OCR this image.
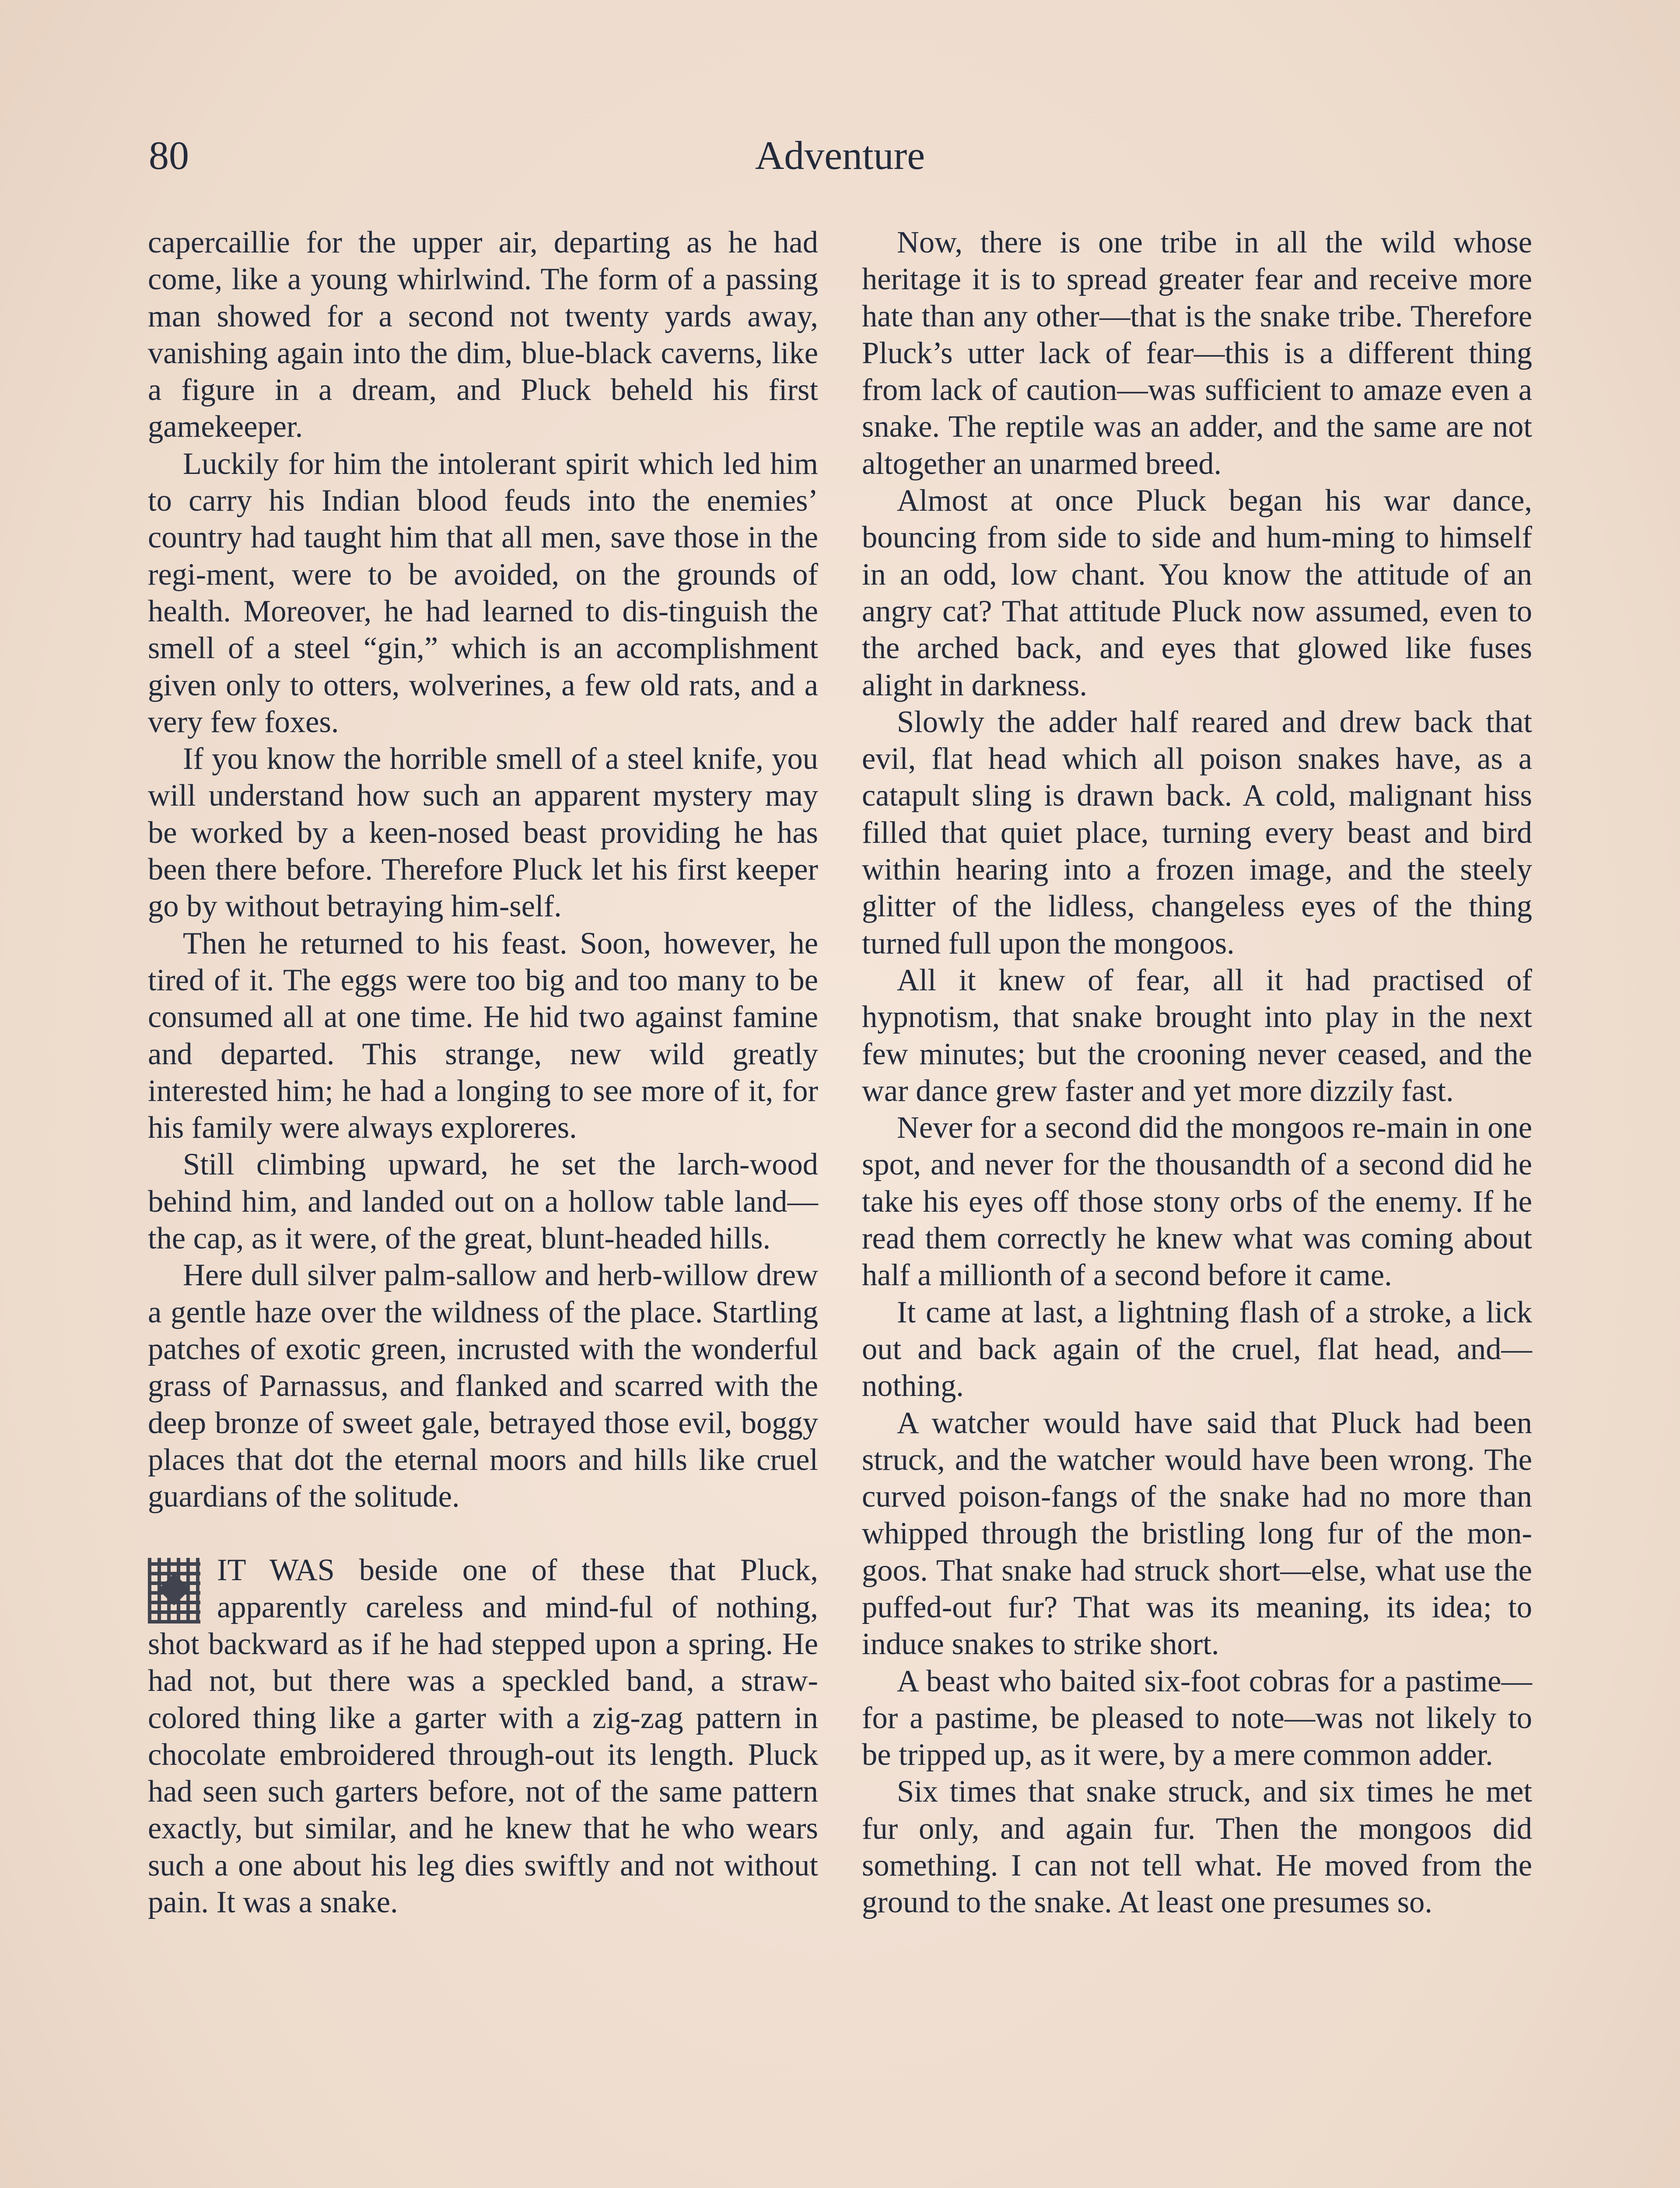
80	Adventure

capercaillie for the upper air, departing as he had come, like a young whirlwind. The form of a passing man showed for a second not twenty yards away, vanishing again into the dim, blue-black caverns, like a figure in a dream, and Pluck beheld his first gamekeeper.

Luckily for him the intolerant spirit which led him to carry his Indian blood feuds into the enemies’ country had taught him that all men, save those in the regi-ment, were to be avoided, on the grounds of health. Moreover, he had learned to dis-tinguish the smell of a steel “gin,” which is an accomplishment given only to otters, wolverines, a few old rats, and a very few foxes.

If you know the horrible smell of a steel knife, you will understand how such an apparent mystery may be worked by a keen-nosed beast providing he has been there before. Therefore Pluck let his first keeper go by without betraying him-self.

Then he returned to his feast. Soon, however, he tired of it. The eggs were too big and too many to be consumed all at one time. He hid two against famine and departed. This strange, new wild greatly interested him; he had a longing to see more of it, for his family were always exploreres.

Still climbing upward, he set the larch-wood behind him, and landed out on a hollow table land—the cap, as it were, of the great, blunt-headed hills.

Here dull silver palm-sallow and herb-willow drew a gentle haze over the wildness of the place. Startling patches of exotic green, incrusted with the wonderful grass of Parnassus, and flanked and scarred with the deep bronze of sweet gale, betrayed those evil, boggy places that dot the eternal moors and hills like cruel guardians of the solitude.

IT WAS beside one of these that Pluck, apparently careless and mind-ful of nothing, shot backward as if he had stepped upon a spring. He had not, but there was a speckled band, a straw-colored thing like a garter with a zig-zag pattern in chocolate embroidered through-out its length. Pluck had seen such garters before, not of the same pattern exactly, but similar, and he knew that he who wears such a one about his leg dies swiftly and not without pain. It was a snake.

Now, there is one tribe in all the wild whose heritage it is to spread greater fear and receive more hate than any other—that is the snake tribe. Therefore Pluck’s utter lack of fear—this is a different thing from lack of caution—was sufficient to amaze even a snake. The reptile was an adder, and the same are not altogether an unarmed breed.

Almost at once Pluck began his war dance, bouncing from side to side and hum-ming to himself in an odd, low chant. You know the attitude of an angry cat? That attitude Pluck now assumed, even to the arched back, and eyes that glowed like fuses alight in darkness.

Slowly the adder half reared and drew back that evil, flat head which all poison snakes have, as a catapult sling is drawn back. A cold, malignant hiss filled that quiet place, turning every beast and bird within hearing into a frozen image, and the steely glitter of the lidless, changeless eyes of the thing turned full upon the mongoos.

All it knew of fear, all it had practised of hypnotism, that snake brought into play in the next few minutes; but the crooning never ceased, and the war dance grew faster and yet more dizzily fast.

Never for a second did the mongoos re-main in one spot, and never for the thousandth of a second did he take his eyes off those stony orbs of the enemy. If he read them correctly he knew what was coming about half a millionth of a second before it came.

It came at last, a lightning flash of a stroke, a lick out and back again of the cruel, flat head, and—nothing.

A watcher would have said that Pluck had been struck, and the watcher would have been wrong. The curved poison-fangs of the snake had no more than whipped through the bristling long fur of the mon-goos. That snake had struck short—else, what use the puffed-out fur? That was its meaning, its idea; to induce snakes to strike short.

A beast who baited six-foot cobras for a pastime—for a pastime, be pleased to note—was not likely to be tripped up, as it were, by a mere common adder.

Six times that snake struck, and six times he met fur only, and again fur. Then the mongoos did something. I can not tell what. He moved from the ground to the snake. At least one presumes so.
